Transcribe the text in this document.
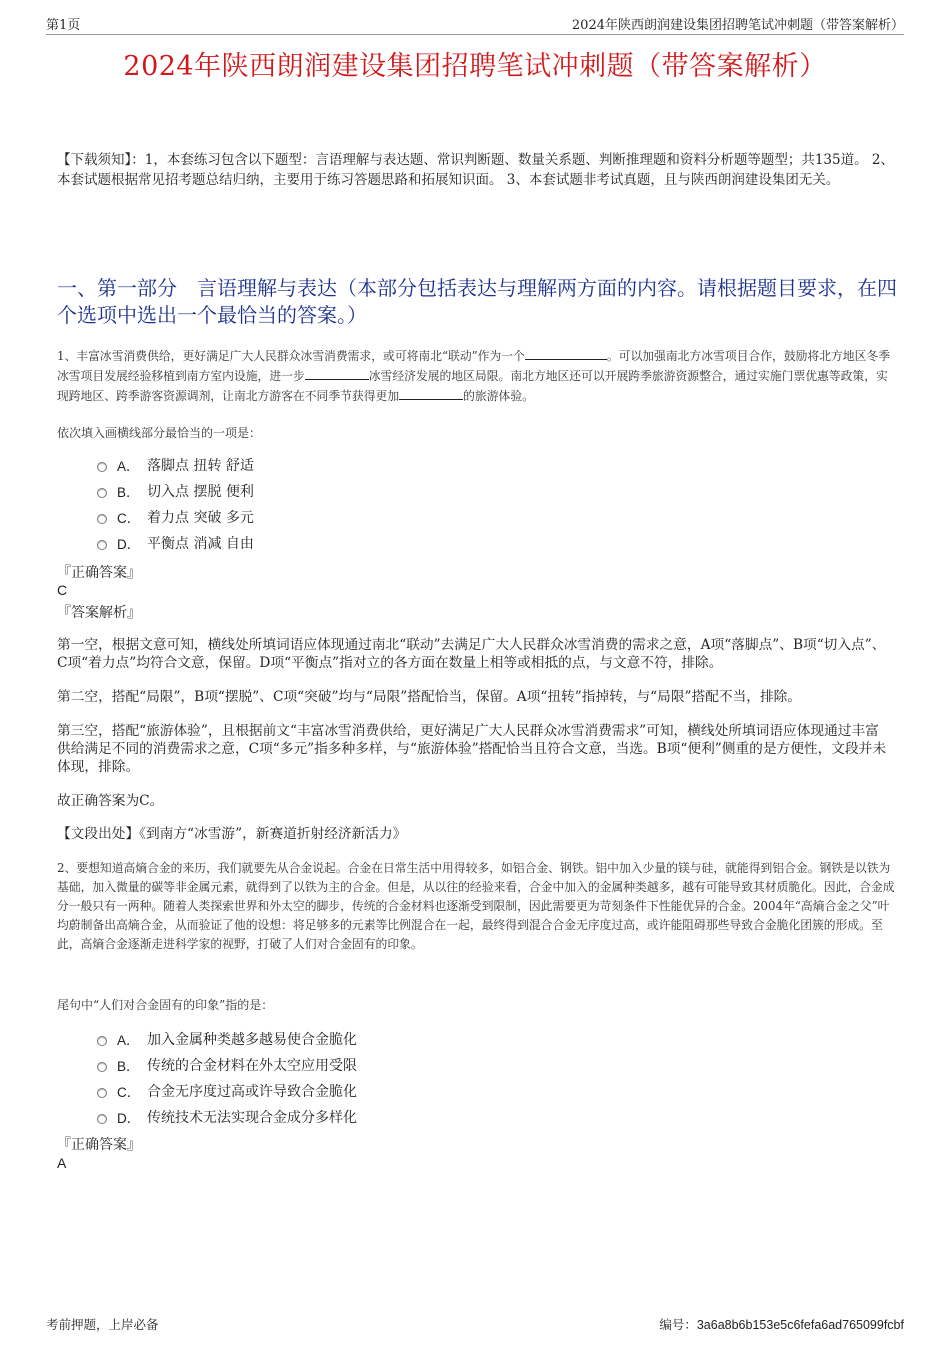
第1页	2024年陕西朗润建设集团招聘笔试冲刺题（带答案解析）
2024年陕西朗润建设集团招聘笔试冲刺题（带答案解析）
【下载须知】：1，本套练习包含以下题型：言语理解与表达题、常识判断题、数量关系题、判断推理题和资料分析题等题型；共135道。 2、本套试题根据常见招考题总结归纳，主要用于练习答题思路和拓展知识面。 3、本套试题非考试真题，且与陕西朗润建设集团无关。
一、第一部分　言语理解与表达（本部分包括表达与理解两方面的内容。请根据题目要求，在四个选项中选出一个最恰当的答案。）
1、丰富冰雪消费供给，更好满足广大人民群众冰雪消费需求，或可将南北“联动”作为一个	。可以加强南北方冰雪项目合作，鼓励将北方地区冬季冰雪项目发展经验移植到南方室内设施，进一步	冰雪经济发展的地区局限。南北方地区还可以开展跨季旅游资源整合，通过实施门票优惠等政策，实现跨地区、跨季游客资源调剂，让南北方游客在不同季节获得更加	的旅游体验。
依次填入画横线部分最恰当的一项是：
A． 落脚点 扭转 舒适
B． 切入点 摆脱 便利
C． 着力点 突破 多元
D． 平衡点 消减 自由
『正确答案』
C
『答案解析』
第一空，根据文意可知，横线处所填词语应体现通过南北“联动”去满足广大人民群众冰雪消费的需求之意，A项“落脚点”、B项“切入点”、C项“着力点”均符合文意，保留。D项“平衡点”指对立的各方面在数量上相等或相抵的点，与文意不符，排除。
第二空，搭配“局限”，B项“摆脱”、C项“突破”均与“局限”搭配恰当，保留。A项“扭转”指掉转，与“局限”搭配不当，排除。
第三空，搭配“旅游体验”，且根据前文“丰富冰雪消费供给，更好满足广大人民群众冰雪消费需求”可知，横线处所填词语应体现通过丰富供给满足不同的消费需求之意，C项“多元”指多种多样，与“旅游体验”搭配恰当且符合文意，当选。B项“便利”侧重的是方便性，文段并未体现，排除。
故正确答案为C。
【文段出处】《到南方“冰雪游”，新赛道折射经济新活力》
2、要想知道高熵合金的来历，我们就要先从合金说起。合金在日常生活中用得较多，如铝合金、钢铁。铝中加入少量的镁与硅，就能得到铝合金。钢铁是以铁为基础，加入微量的碳等非金属元素，就得到了以铁为主的合金。但是，从以往的经验来看，合金中加入的金属种类越多，越有可能导致其材质脆化。因此，合金成分一般只有一两种。随着人类探索世界和外太空的脚步，传统的合金材料也逐渐受到限制，因此需要更为苛刻条件下性能优异的合金。2004年“高熵合金之父”叶均蔚制备出高熵合金，从而验证了他的设想：将足够多的元素等比例混合在一起，最终得到混合合金无序度过高，或许能阻碍那些导致合金脆化团簇的形成。至此，高熵合金逐渐走进科学家的视野，打破了人们对合金固有的印象。
尾句中“人们对合金固有的印象”指的是：
A． 加入金属种类越多越易使合金脆化
B． 传统的合金材料在外太空应用受限
C． 合金无序度过高或许导致合金脆化
D． 传统技术无法实现合金成分多样化
『正确答案』
A
考前押题，上岸必备	编号：3a6a8b6b153e5c6fefa6ad765099fcbf
